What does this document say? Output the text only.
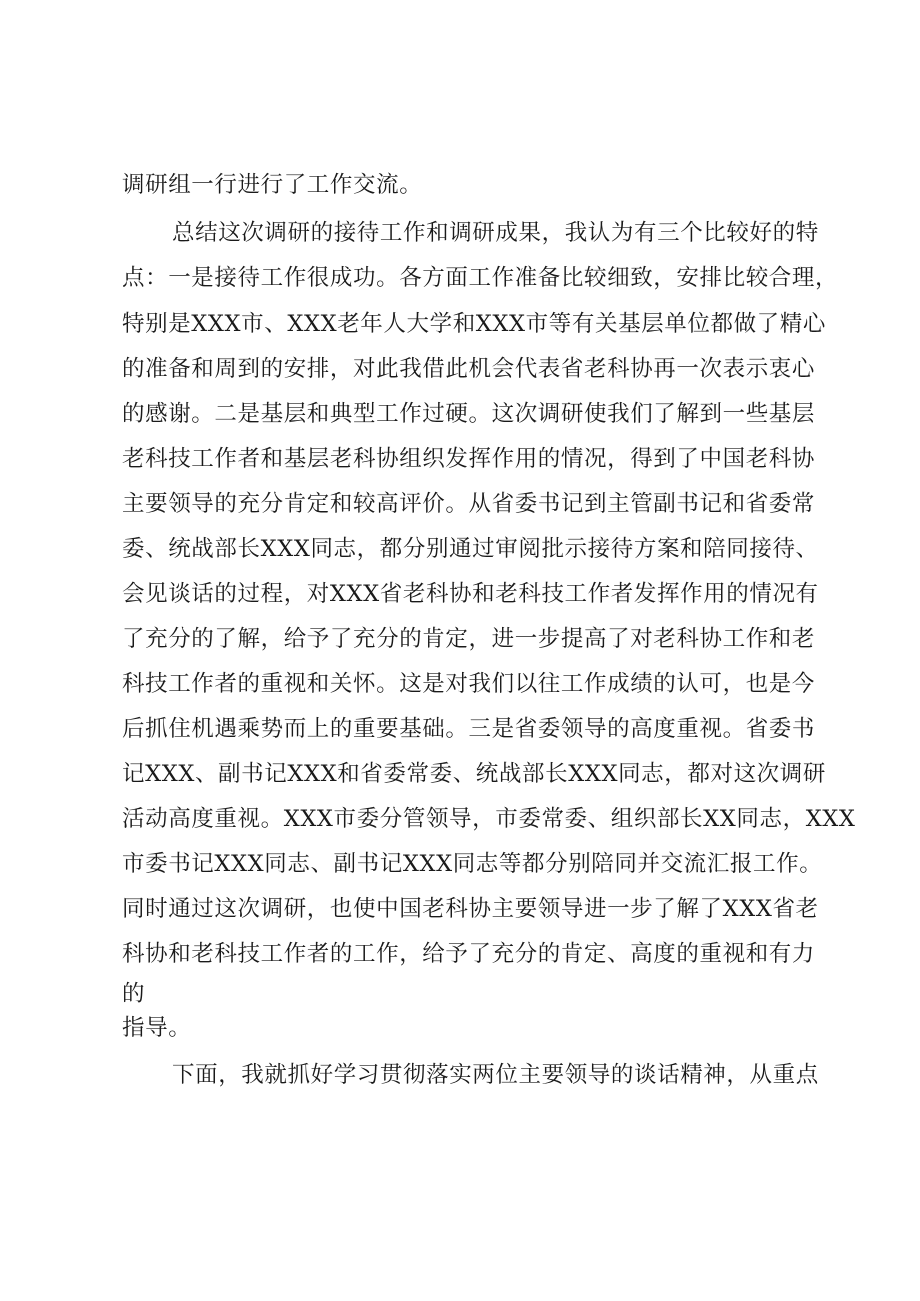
调研组一行进行了工作交流。
总结这次调研的接待工作和调研成果，我认为有三个比较好的特
点：一是接待工作很成功。各方面工作准备比较细致，安排比较合理，
特别是XXX市、XXX老年人大学和XXX市等有关基层单位都做了精心
的准备和周到的安排，对此我借此机会代表省老科协再一次表示衷心
的感谢。二是基层和典型工作过硬。这次调研使我们了解到一些基层
老科技工作者和基层老科协组织发挥作用的情况，得到了中国老科协
主要领导的充分肯定和较高评价。从省委书记到主管副书记和省委常
委、统战部长XXX同志，都分别通过审阅批示接待方案和陪同接待、
会见谈话的过程，对XXX省老科协和老科技工作者发挥作用的情况有
了充分的了解，给予了充分的肯定，进一步提高了对老科协工作和老
科技工作者的重视和关怀。这是对我们以往工作成绩的认可，也是今
后抓住机遇乘势而上的重要基础。三是省委领导的高度重视。省委书
记XXX、副书记XXX和省委常委、统战部长XXX同志，都对这次调研
活动高度重视。XXX市委分管领导，市委常委、组织部长XX同志，XXX
市委书记XXX同志、副书记XXX同志等都分别陪同并交流汇报工作。
同时通过这次调研，也使中国老科协主要领导进一步了解了XXX省老
科协和老科技工作者的工作，给予了充分的肯定、高度的重视和有力
的
指导。
下面，我就抓好学习贯彻落实两位主要领导的谈话精神，从重点
